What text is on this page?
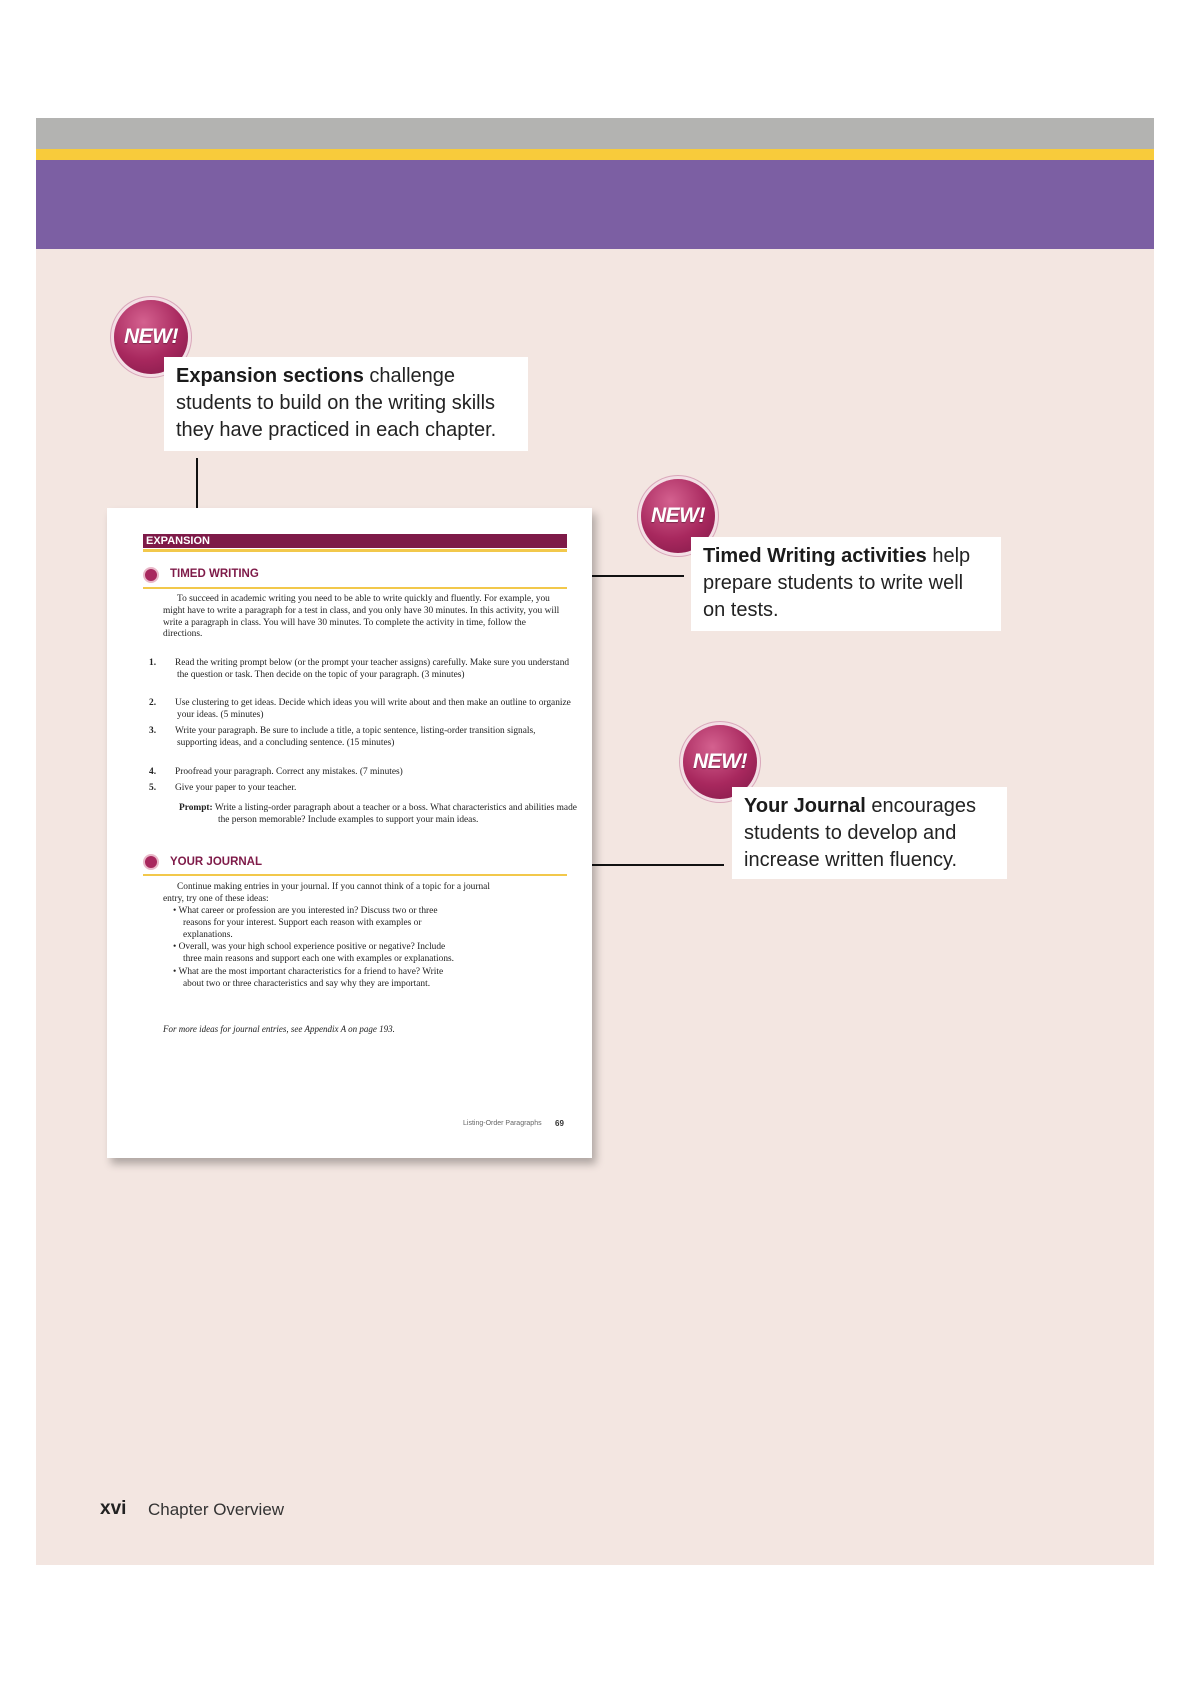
NEW!
Expansion sections challenge students to build on the writing skills they have practiced in each chapter.
NEW!
Timed Writing activities help prepare students to write well on tests.
NEW!
Your Journal encourages students to develop and increase written fluency.
EXPANSION
TIMED WRITING
To succeed in academic writing you need to be able to write quickly and fluently. For example, you might have to write a paragraph for a test in class, and you only have 30 minutes. In this activity, you will write a paragraph in class. You will have 30 minutes. To complete the activity in time, follow the directions.
1. Read the writing prompt below (or the prompt your teacher assigns) carefully. Make sure you understand the question or task. Then decide on the topic of your paragraph. (3 minutes)
2. Use clustering to get ideas. Decide which ideas you will write about and then make an outline to organize your ideas. (5 minutes)
3. Write your paragraph. Be sure to include a title, a topic sentence, listing-order transition signals, supporting ideas, and a concluding sentence. (15 minutes)
4. Proofread your paragraph. Correct any mistakes. (7 minutes)
5. Give your paper to your teacher.
Prompt: Write a listing-order paragraph about a teacher or a boss. What characteristics and abilities made the person memorable? Include examples to support your main ideas.
YOUR JOURNAL
Continue making entries in your journal. If you cannot think of a topic for a journal entry, try one of these ideas:
• What career or profession are you interested in? Discuss two or three reasons for your interest. Support each reason with examples or explanations.
• Overall, was your high school experience positive or negative? Include three main reasons and support each one with examples or explanations.
• What are the most important characteristics for a friend to have? Write about two or three characteristics and say why they are important.
For more ideas for journal entries, see Appendix A on page 193.
Listing-Order Paragraphs 69
xvi Chapter Overview
